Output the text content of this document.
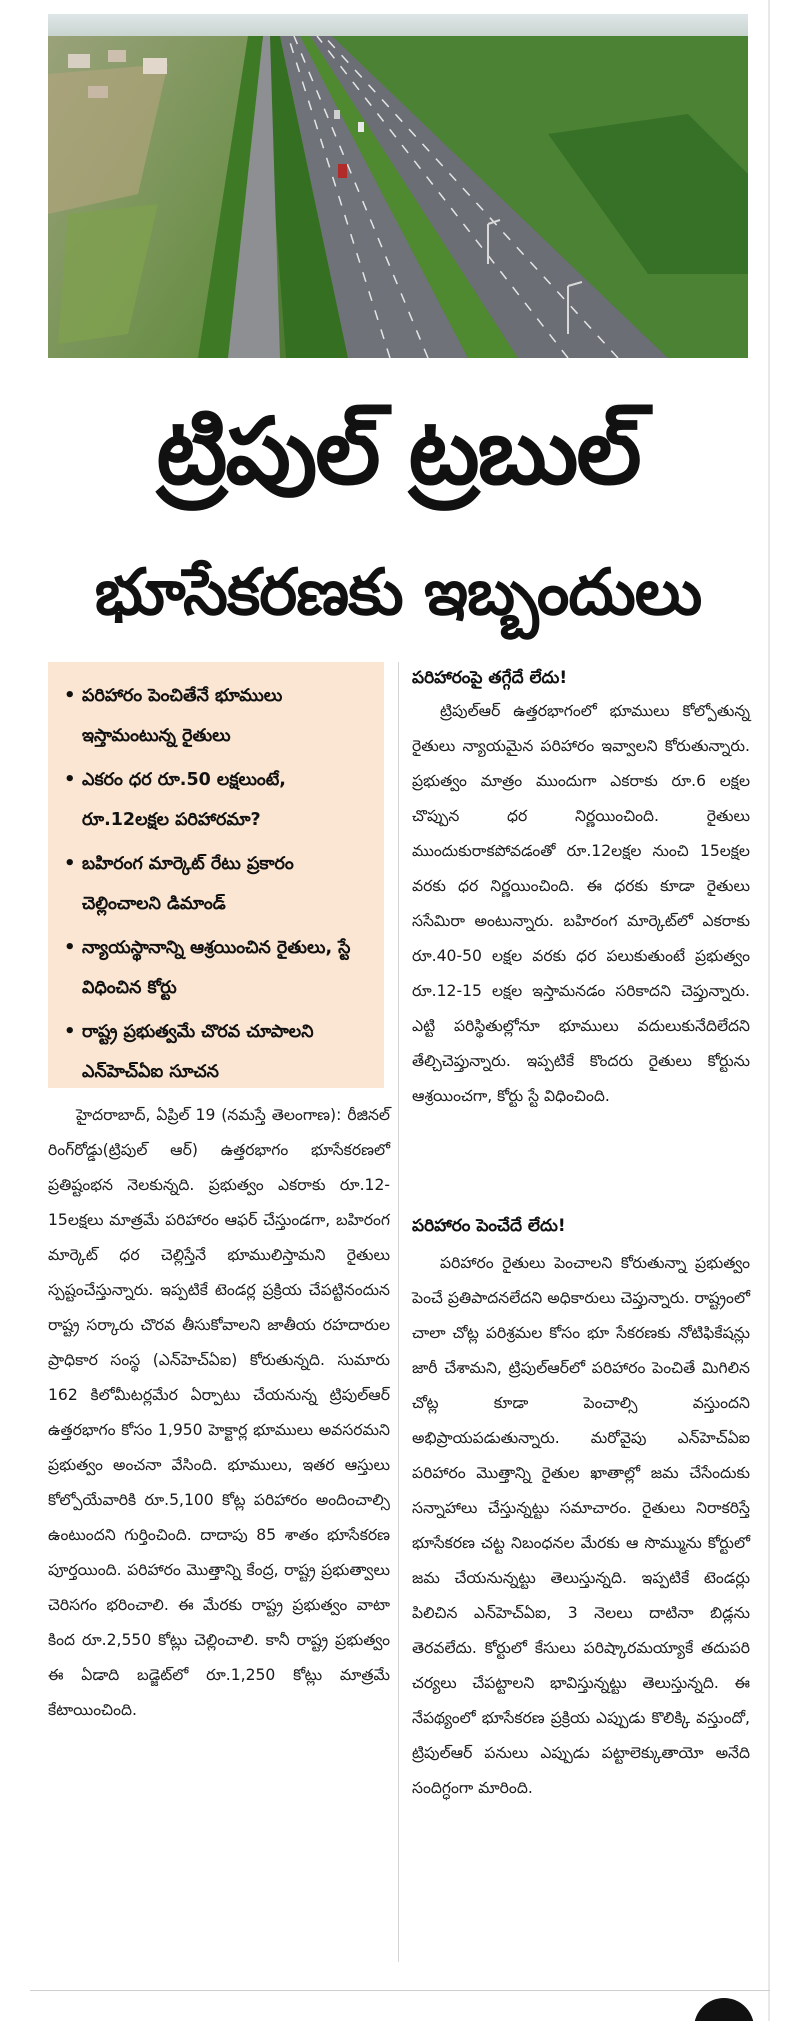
ట్రిపుల్ ట్రబుల్
భూసేకరణకు ఇబ్బందులు
• పరిహారం పెంచితేనే భూములు ఇస్తామంటున్న రైతులు
• ఎకరం ధర రూ.50 లక్షలుంటే, రూ.12లక్షల పరిహారమా?
• బహిరంగ మార్కెట్ రేటు ప్రకారం చెల్లించాలని డిమాండ్
• న్యాయస్థానాన్ని ఆశ్రయించిన రైతులు, స్టే విధించిన కోర్టు
• రాష్ట్ర ప్రభుత్వమే చొరవ చూపాలని ఎన్‌హెచ్‌ఏఐ సూచన

హైదరాబాద్, ఏప్రిల్ 19 (నమస్తే తెలంగాణ): రీజినల్ రింగ్‌రోడ్డు(ట్రిపుల్ ఆర్) ఉత్తరభాగం భూసేకరణలో ప్రతిష్టంభన నెలకున్నది. ప్రభుత్వం ఎకరాకు రూ.12-15లక్షలు మాత్రమే పరిహారం ఆఫర్ చేస్తుండగా, బహిరంగ మార్కెట్ ధర చెల్లిస్తేనే భూములిస్తామని రైతులు స్పష్టంచేస్తున్నారు. ఇప్పటికే టెండర్ల ప్రక్రియ చేపట్టినందున రాష్ట్ర సర్కారు చొరవ తీసుకోవాలని జాతీయ రహదారుల ప్రాధికార సంస్థ (ఎన్‌హెచ్ఏఐ) కోరుతున్నది. సుమారు 162 కిలోమీటర్లమేర ఏర్పాటు చేయనున్న ట్రిపుల్‌ఆర్ ఉత్తరభాగం కోసం 1,950 హెక్టార్ల భూములు అవసరమని ప్రభుత్వం అంచనా వేసింది. భూములు, ఇతర ఆస్తులు కోల్పోయేవారికి రూ.5,100 కోట్ల పరిహారం అందించాల్సి ఉంటుందని గుర్తించింది. దాదాపు 85 శాతం భూసేకరణ పూర్తయింది. పరిహారం మొత్తాన్ని కేంద్ర, రాష్ట్ర ప్రభుత్వాలు చెరిసగం భరించాలి. ఈ మేరకు రాష్ట్ర ప్రభుత్వం వాటా కింద రూ.2,550 కోట్లు చెల్లించాలి. కానీ రాష్ట్ర ప్రభుత్వం ఈ ఏడాది బడ్జెట్‌లో రూ.1,250 కోట్లు మాత్రమే కేటాయించింది.

పరిహారంపై తగ్గేదే లేదు!

ట్రిపుల్‌ఆర్ ఉత్తరభాగంలో భూములు కోల్పోతున్న రైతులు న్యాయమైన పరిహారం ఇవ్వాలని కోరుతున్నారు. ప్రభుత్వం మాత్రం ముందుగా ఎకరాకు రూ.6 లక్షల చొప్పున ధర నిర్ణయించింది. రైతులు ముందుకురాకపోవడంతో రూ.12లక్షల నుంచి 15లక్షల వరకు ధర నిర్ణయించింది. ఈ ధరకు కూడా రైతులు ససేమిరా అంటున్నారు. బహిరంగ మార్కెట్‌లో ఎకరాకు రూ.40-50 లక్షల వరకు ధర పలుకుతుంటే ప్రభుత్వం రూ.12-15 లక్షల ఇస్తామనడం సరికాదని చెప్తున్నారు. ఎట్టి పరిస్థితుల్లోనూ భూములు వదులుకునేదిలేదని తేల్చిచెప్తున్నారు. ఇప్పటికే కొందరు రైతులు కోర్టును ఆశ్రయించగా, కోర్టు స్టే విధించింది.

పరిహారం పెంచేదే లేదు!

పరిహారం రైతులు పెంచాలని కోరుతున్నా ప్రభుత్వం పెంచే ప్రతిపాదనలేదని అధికారులు చెప్తున్నారు. రాష్ట్రంలో చాలా చోట్ల పరిశ్రమల కోసం భూ సేకరణకు నోటిఫికేషన్లు జారీ చేశామని, ట్రిపుల్‌ఆర్‌లో పరిహారం పెంచితే మిగిలిన చోట్ల కూడా పెంచాల్సి వస్తుందని అభిప్రాయపడుతున్నారు. మరోవైపు ఎన్‌హెచ్ఏఐ పరిహారం మొత్తాన్ని రైతుల ఖాతాల్లో జమ చేసేందుకు సన్నాహాలు చేస్తున్నట్టు సమాచారం. రైతులు నిరాకరిస్తే భూసేకరణ చట్ట నిబంధనల మేరకు ఆ సొమ్మును కోర్టులో జమ చేయనున్నట్టు తెలుస్తున్నది. ఇప్పటికే టెండర్లు పిలిచిన ఎన్‌హెచ్ఏఐ, 3 నెలలు దాటినా బిడ్లను తెరవలేదు. కోర్టులో కేసులు పరిష్కారమయ్యాకే తదుపరి చర్యలు చేపట్టాలని భావిస్తున్నట్టు తెలుస్తున్నది. ఈ నేపథ్యంలో భూసేకరణ ప్రక్రియ ఎప్పుడు కొలిక్కి వస్తుందో, ట్రిపుల్‌ఆర్ పనులు ఎప్పుడు పట్టాలెక్కుతాయో అనేది సందిగ్ధంగా మారింది.
